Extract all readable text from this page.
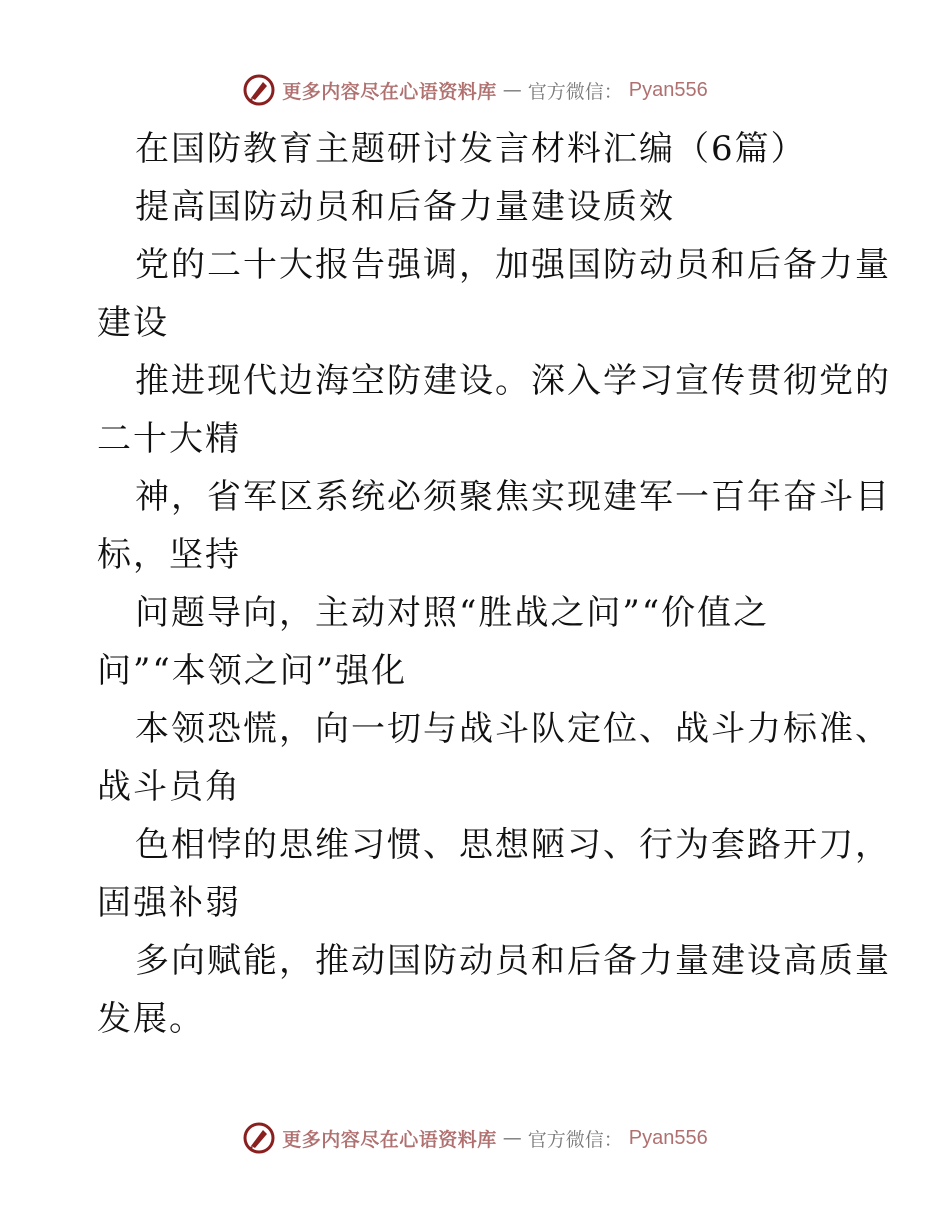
更多内容尽在心语资料库 — 官方微信： Pyan556
在国防教育主题研讨发言材料汇编（6篇）
提高国防动员和后备力量建设质效
党的二十大报告强调，加强国防动员和后备力量
建设
推进现代边海空防建设。深入学习宣传贯彻党的
二十大精
神，省军区系统必须聚焦实现建军一百年奋斗目
标，坚持
问题导向，主动对照“胜战之问”“价值之
问”“本领之问”强化
本领恐慌，向一切与战斗队定位、战斗力标准、
战斗员角
色相悖的思维习惯、思想陋习、行为套路开刀，
固强补弱
多向赋能，推动国防动员和后备力量建设高质量
发展。
更多内容尽在心语资料库 — 官方微信： Pyan556
